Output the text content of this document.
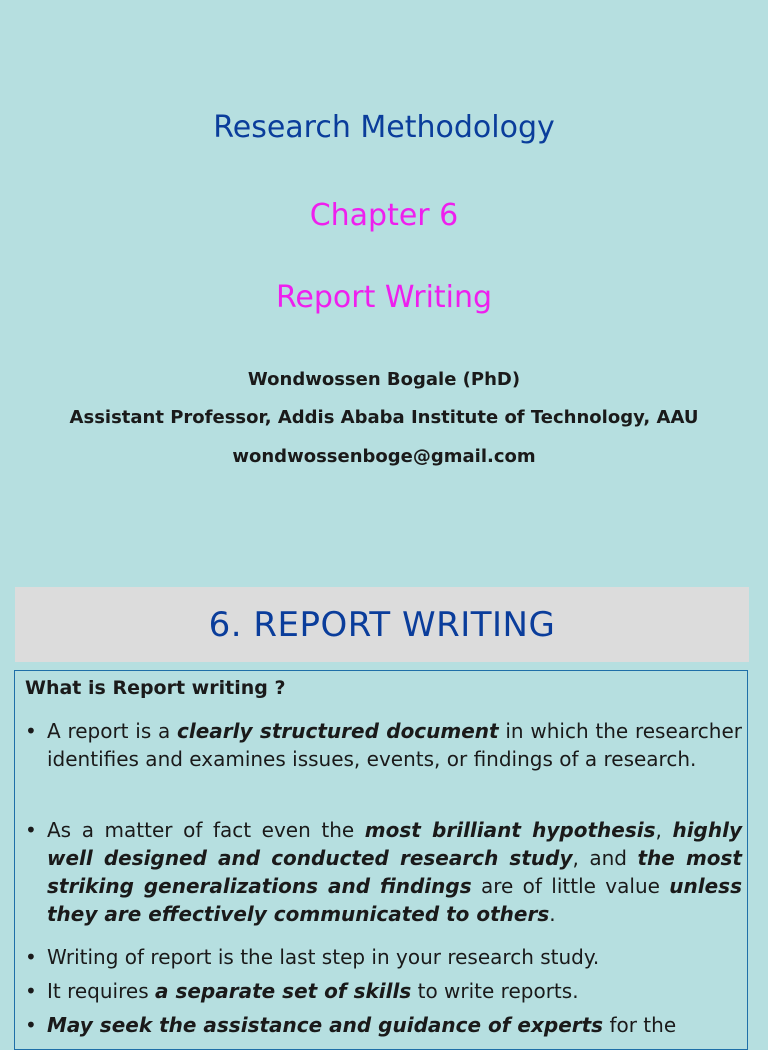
Research Methodology
Chapter 6
Report Writing
Wondwossen Bogale (PhD)
Assistant Professor, Addis Ababa Institute of Technology, AAU
wondwossenboge@gmail.com
6. REPORT WRITING
What is Report writing ?
• A report is a clearly structured document in which the researcher identifies and examines issues, events, or findings of a research.
• As a matter of fact even the most brilliant hypothesis, highly well designed and conducted research study, and the most striking generalizations and findings are of little value unless they are effectively communicated to others.
• Writing of report is the last step in your research study.
• It requires a separate set of skills to write reports.
• May seek the assistance and guidance of experts for the
